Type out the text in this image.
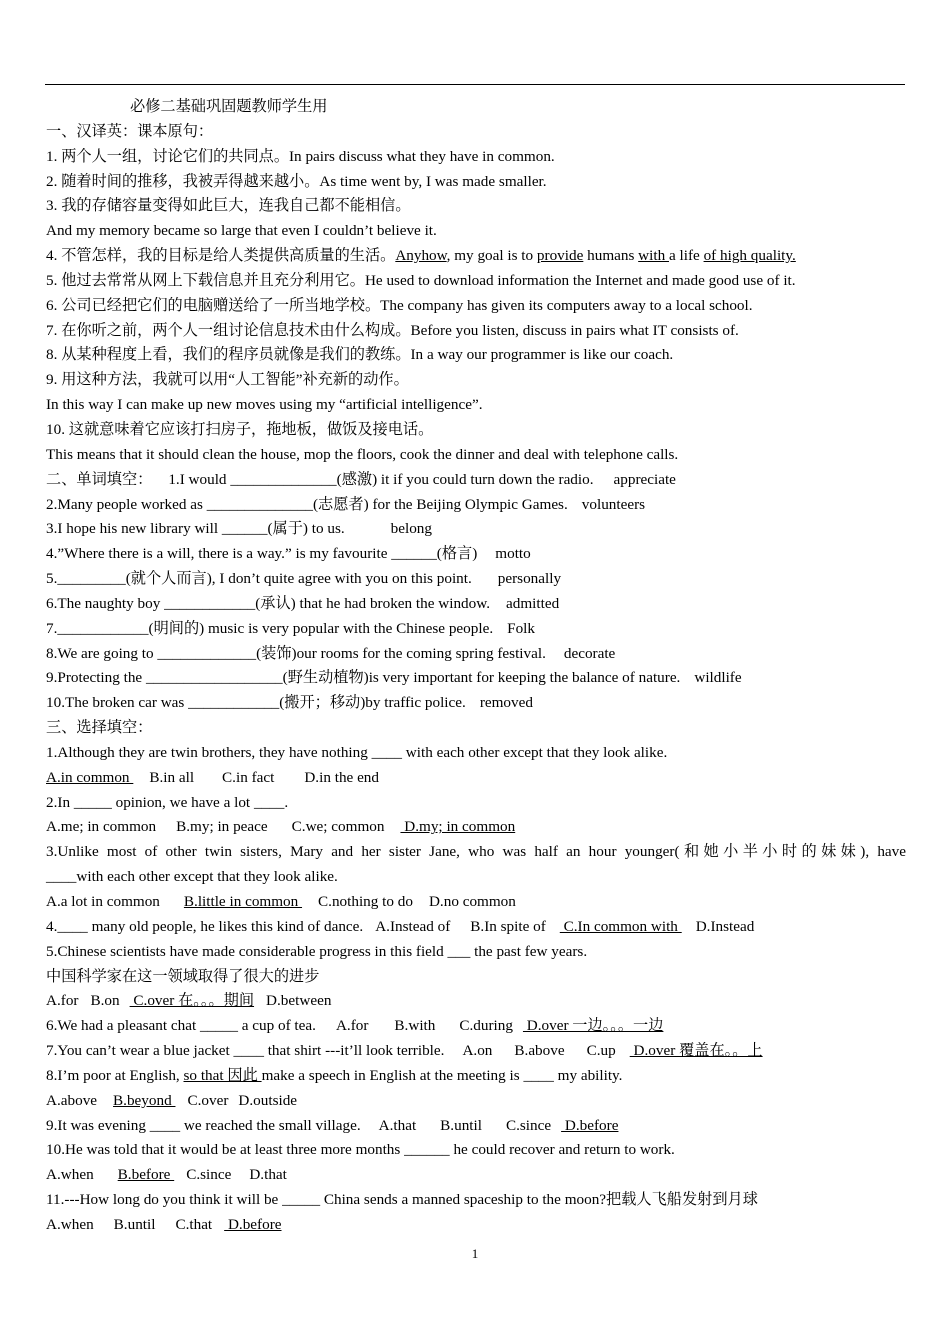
必修二基础巩固题教师学生用
一、汉译英：课本原句：
1. 两个人一组，讨论它们的共同点。In pairs discuss what they have in common.
2. 随着时间的推移，我被弄得越来越小。As time went by, I was made smaller.
3. 我的存储容量变得如此巨大，连我自己都不能相信。
And my memory became so large that even I couldn’t believe it.
4. 不管怎样，我的目标是给人类提供高质量的生活。Anyhow, my goal is to provide humans with a life of high quality.
5. 他过去常常从网上下载信息并且充分利用它。He used to download information the Internet and made good use of it.
6. 公司已经把它们的电脑赠送给了一所当地学校。The company has given its computers away to a local school.
7. 在你听之前，两个人一组讨论信息技术由什么构成。Before you listen, discuss in pairs what IT consists of.
8. 从某种程度上看，我们的程序员就像是我们的教练。In a way our programmer is like our coach.
9. 用这种方法，我就可以用“人工智能”补充新的动作。
In this way I can make up new moves using my “artificial intelligence”.
10. 这就意味着它应该打扫房子，拖地板，做饭及接电话。
This means that it should clean the house, mop the floors, cook the dinner and deal with telephone calls.
二、单词填空： 1.I would ______________(感激) it if you could turn down the radio. appreciate
2.Many people worked as ______________(志愿者) for the Beijing Olympic Games. volunteers
3.I hope his new library will ______(属于) to us.	belong
4.”Where there is a will, there is a way.” is my favourite ______(格言) motto
5._________(就个人而言), I don’t quite agree with you on this point. personally
6.The naughty boy ____________(承认) that he had broken the window. admitted
7.____________(明间的) music is very popular with the Chinese people. Folk
8.We are going to _____________(装饰)our rooms for the coming spring festival. decorate
9.Protecting the __________________(野生动植物)is very important for keeping the balance of nature. wildlife
10.The broken car was ____________(搬开；移动)by traffic police. removed
三、选择填空：
1.Although they are twin brothers, they have nothing ____ with each other except that they look alike.
A.in common B.in all C.in fact D.in the end
2.In _____ opinion, we have a lot ____.
A.me; in common B.my; in peace C.we; common D.my; in common
3.Unlike most of other twin sisters, Mary and her sister Jane, who was half an hour younger(和她小半小时的妹妹), have
____with each other except that they look alike.
A.a lot in common B.little in common C.nothing to do D.no common
4.____ many old people, he likes this kind of dance. A.Instead of B.In spite of C.In common with D.Instead
5.Chinese scientists have made considerable progress in this field ___ the past few years.
中国科学家在这一领域取得了很大的进步
A.for B.on C.over 在。。。期间 D.between
6.We had a pleasant chat _____ a cup of tea. A.for B.with C.during D.over 一边。。。一边
7.You can’t wear a blue jacket ____ that shirt ---it’ll look terrible. A.on B.above C.up D.over 覆盖在。。上
8.I’m poor at English, so that 因此 make a speech in English at the meeting is ____ my ability.
A.above B.beyond C.over D.outside
9.It was evening ____ we reached the small village. A.that B.until C.since D.before
10.He was told that it would be at least three more months ______ he could recover and return to work.
A.when B.before C.since D.that
11.---How long do you think it will be _____ China sends a manned spaceship to the moon?把载人飞船发射到月球
A.when B.until C.that D.before
1
